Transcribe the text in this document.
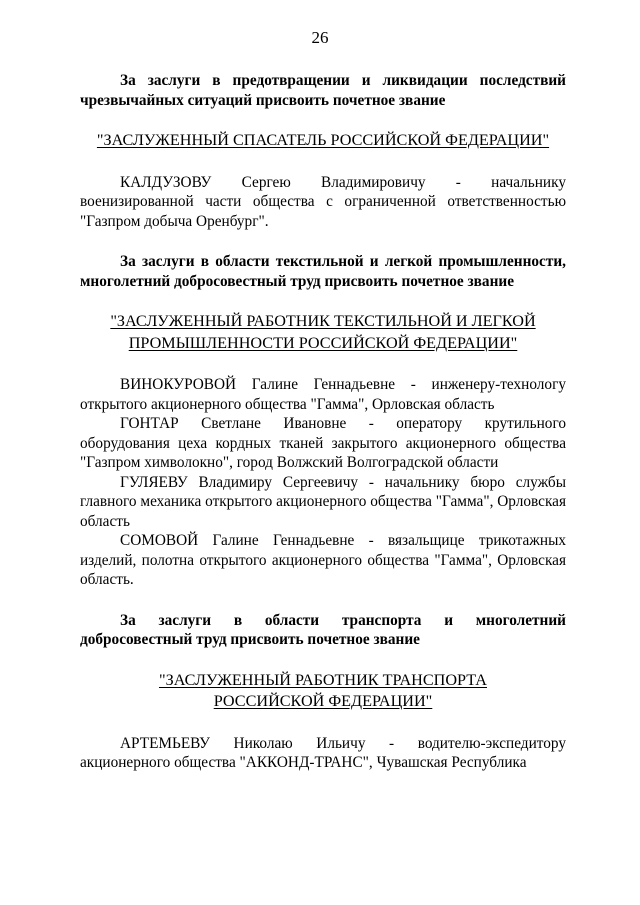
26
За заслуги в предотвращении и ликвидации последствий чрезвычайных ситуаций присвоить почетное звание
"ЗАСЛУЖЕННЫЙ СПАСАТЕЛЬ РОССИЙСКОЙ ФЕДЕРАЦИИ"
КАЛДУЗОВУ Сергею Владимировичу - начальнику военизированной части общества с ограниченной ответственностью "Газпром добыча Оренбург".
За заслуги в области текстильной и легкой промышленности, многолетний добросовестный труд присвоить почетное звание
"ЗАСЛУЖЕННЫЙ РАБОТНИК ТЕКСТИЛЬНОЙ И ЛЕГКОЙ
ПРОМЫШЛЕННОСТИ РОССИЙСКОЙ ФЕДЕРАЦИИ"
ВИНОКУРОВОЙ Галине Геннадьевне - инженеру-технологу открытого акционерного общества "Гамма", Орловская область
ГОНТАР Светлане Ивановне - оператору крутильного оборудования цеха кордных тканей закрытого акционерного общества "Газпром химволокно", город Волжский Волгоградской области
ГУЛЯЕВУ Владимиру Сергеевичу - начальнику бюро службы главного механика открытого акционерного общества "Гамма", Орловская область
СОМОВОЙ Галине Геннадьевне - вязальщице трикотажных изделий, полотна открытого акционерного общества "Гамма", Орловская область.
За заслуги в области транспорта и многолетний добросовестный труд присвоить почетное звание
"ЗАСЛУЖЕННЫЙ РАБОТНИК ТРАНСПОРТА
РОССИЙСКОЙ ФЕДЕРАЦИИ"
АРТЕМЬЕВУ Николаю Ильичу - водителю-экспедитору акционерного общества "АККОНД-ТРАНС", Чувашская Республика
